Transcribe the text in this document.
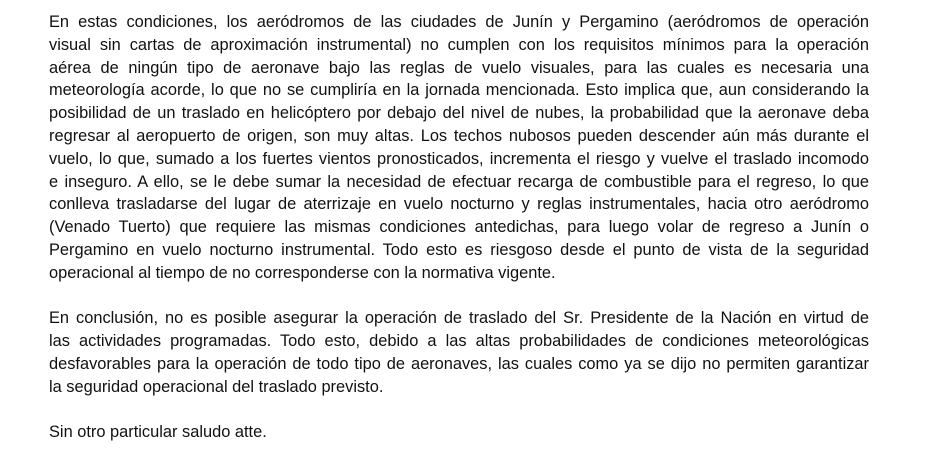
En estas condiciones, los aeródromos de las ciudades de Junín y Pergamino (aeródromos de operación
visual sin cartas de aproximación instrumental) no cumplen con los requisitos mínimos para la operación
aérea de ningún tipo de aeronave bajo las reglas de vuelo visuales, para las cuales es necesaria una
meteorología acorde, lo que no se cumpliría en la jornada mencionada. Esto implica que, aun considerando la
posibilidad de un traslado en helicóptero por debajo del nivel de nubes, la probabilidad que la aeronave deba
regresar al aeropuerto de origen, son muy altas. Los techos nubosos pueden descender aún más durante el
vuelo, lo que, sumado a los fuertes vientos pronosticados, incrementa el riesgo y vuelve el traslado incomodo
e inseguro. A ello, se le debe sumar la necesidad de efectuar recarga de combustible para el regreso, lo que
conlleva trasladarse del lugar de aterrizaje en vuelo nocturno y reglas instrumentales, hacia otro aeródromo
(Venado Tuerto) que requiere las mismas condiciones antedichas, para luego volar de regreso a Junín o
Pergamino en vuelo nocturno instrumental. Todo esto es riesgoso desde el punto de vista de la seguridad
operacional al tiempo de no corresponderse con la normativa vigente.
En conclusión, no es posible asegurar la operación de traslado del Sr. Presidente de la Nación en virtud de
las actividades programadas. Todo esto, debido a las altas probabilidades de condiciones meteorológicas
desfavorables para la operación de todo tipo de aeronaves, las cuales como ya se dijo no permiten garantizar
la seguridad operacional del traslado previsto.
Sin otro particular saludo atte.
